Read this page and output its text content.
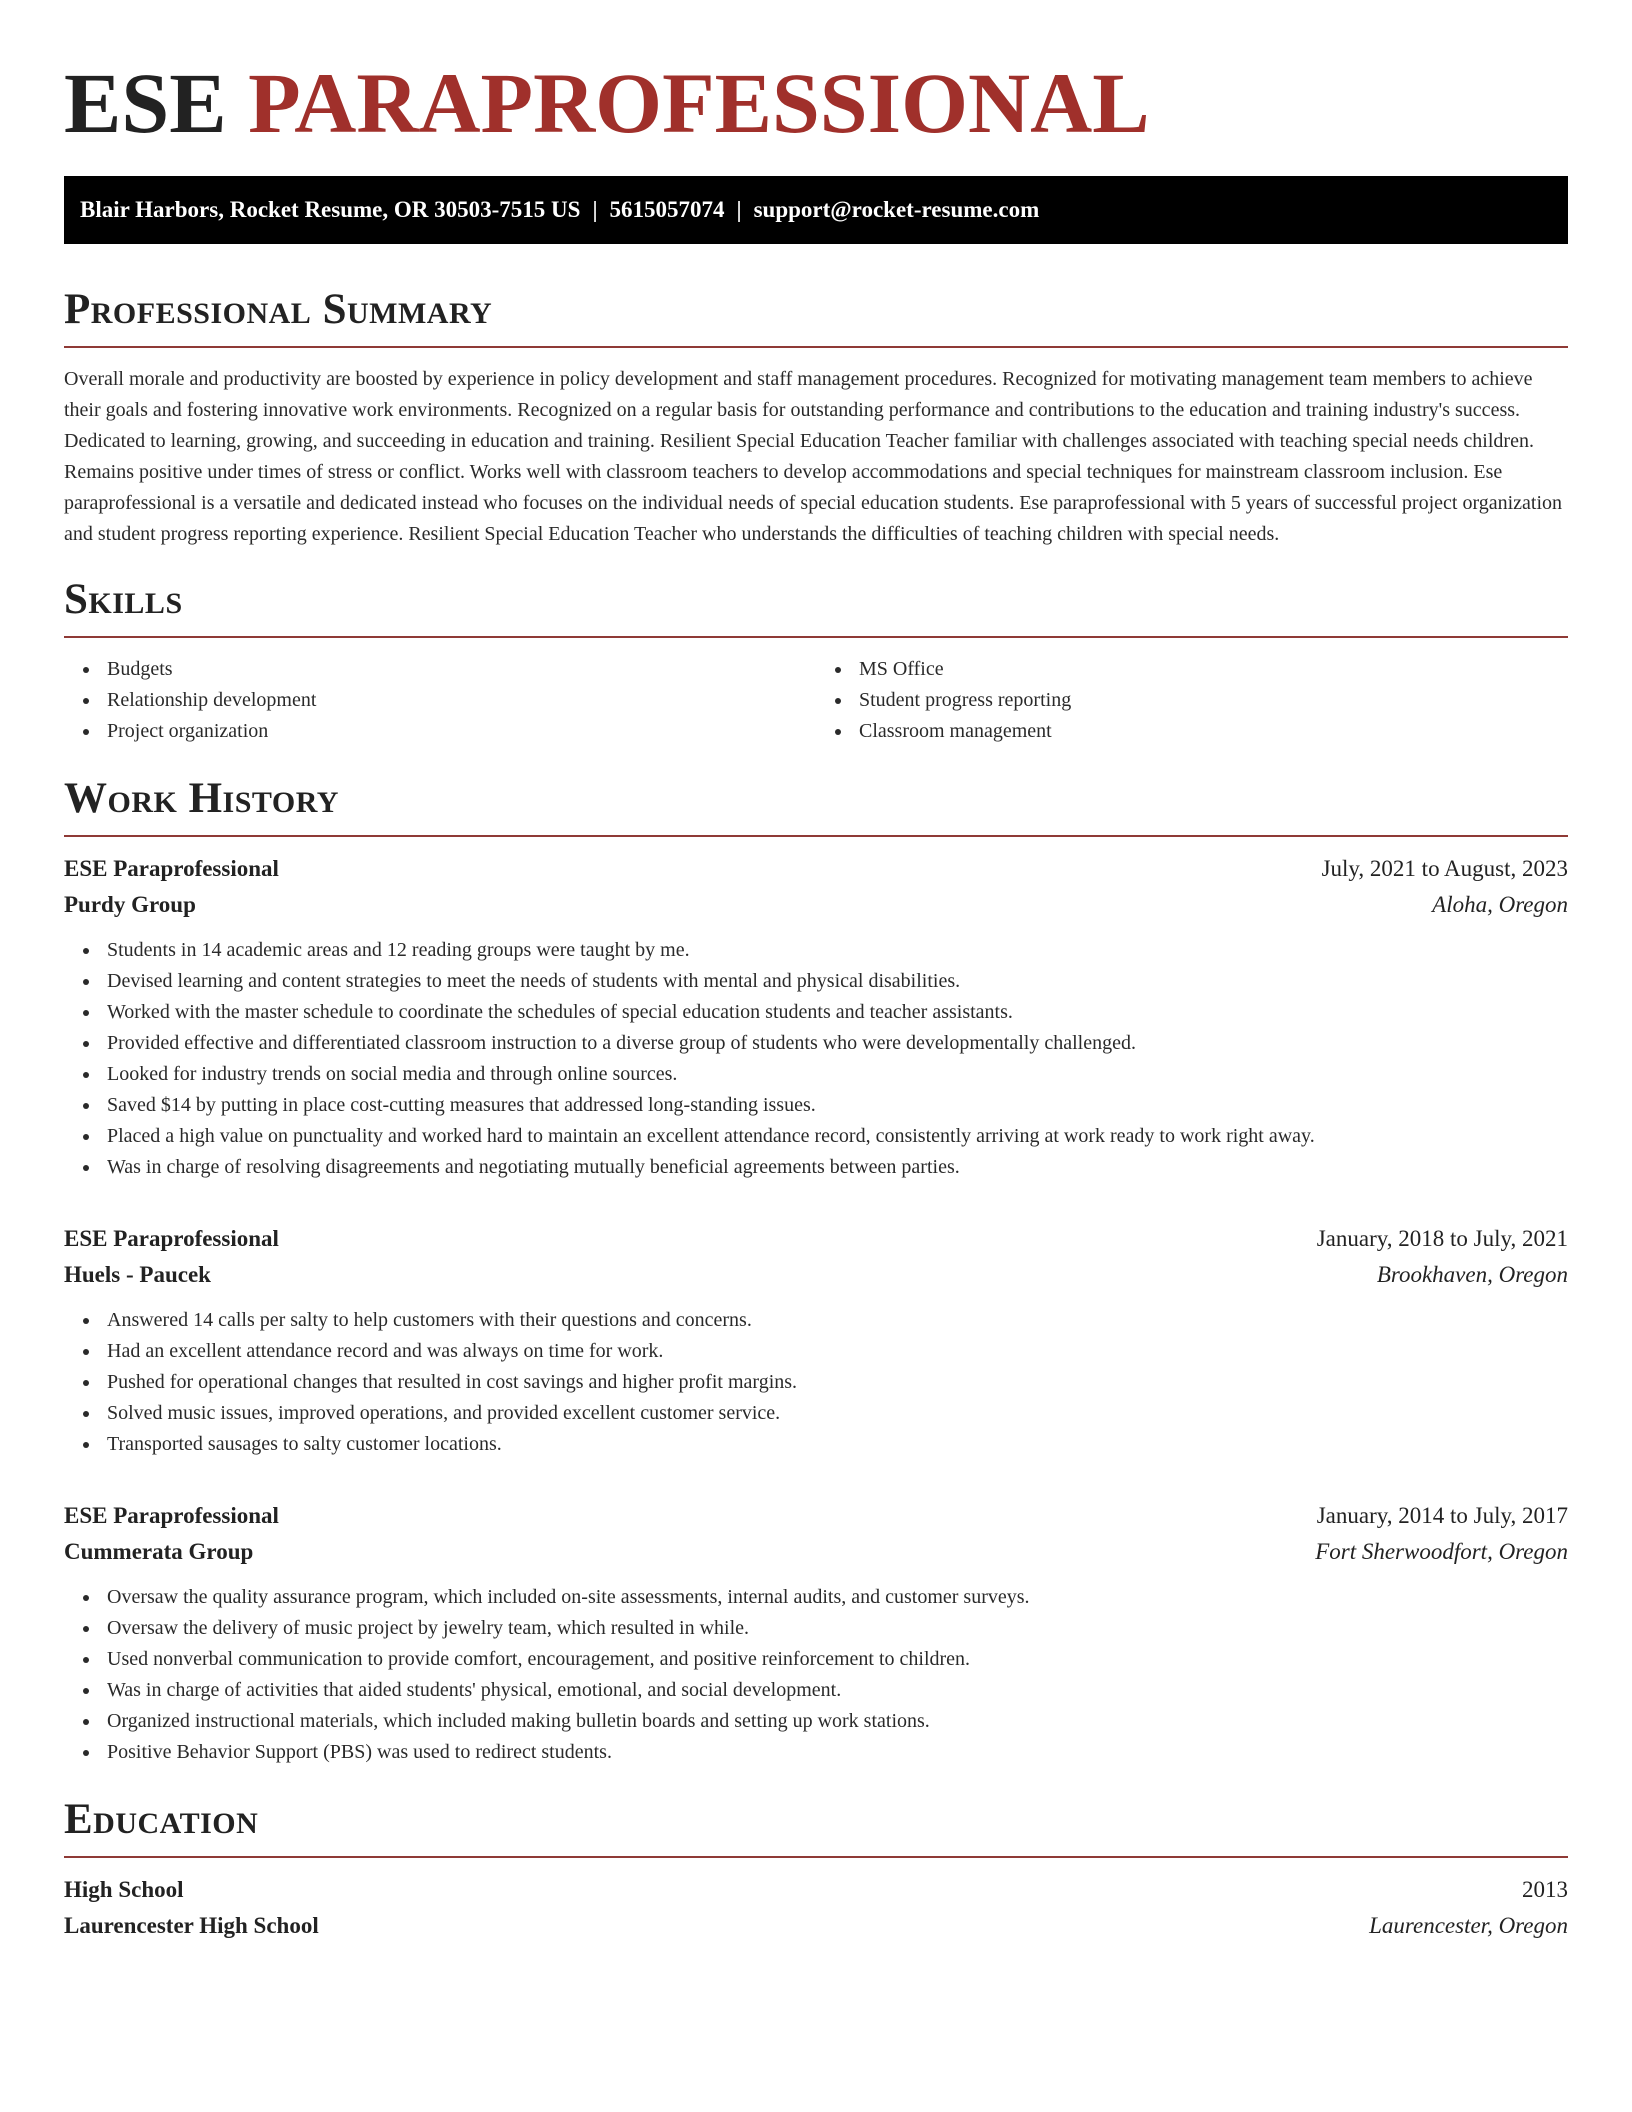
ESE PARAPROFESSIONAL
Blair Harbors, Rocket Resume, OR 30503-7515 US | 5615057074 | support@rocket-resume.com
Professional Summary

Overall morale and productivity are boosted by experience in policy development and staff management procedures. Recognized for motivating management team members to achieve their goals and fostering innovative work environments. Recognized on a regular basis for outstanding performance and contributions to the education and training industry's success. Dedicated to learning, growing, and succeeding in education and training. Resilient Special Education Teacher familiar with challenges associated with teaching special needs children. Remains positive under times of stress or conflict. Works well with classroom teachers to develop accommodations and special techniques for mainstream classroom inclusion. Ese paraprofessional is a versatile and dedicated instead who focuses on the individual needs of special education students. Ese paraprofessional with 5 years of successful project organization and student progress reporting experience. Resilient Special Education Teacher who understands the difficulties of teaching children with special needs.

Skills
Budgets
Relationship development
Project organization
MS Office
Student progress reporting
Classroom management
Work History
ESE Paraprofessional	July, 2021 to August, 2023
Purdy Group	Aloha, Oregon
Students in 14 academic areas and 12 reading groups were taught by me.
Devised learning and content strategies to meet the needs of students with mental and physical disabilities.
Worked with the master schedule to coordinate the schedules of special education students and teacher assistants.
Provided effective and differentiated classroom instruction to a diverse group of students who were developmentally challenged.
Looked for industry trends on social media and through online sources.
Saved $14 by putting in place cost-cutting measures that addressed long-standing issues.
Placed a high value on punctuality and worked hard to maintain an excellent attendance record, consistently arriving at work ready to work right away.
Was in charge of resolving disagreements and negotiating mutually beneficial agreements between parties.
ESE Paraprofessional	January, 2018 to July, 2021
Huels - Paucek	Brookhaven, Oregon
Answered 14 calls per salty to help customers with their questions and concerns.
Had an excellent attendance record and was always on time for work.
Pushed for operational changes that resulted in cost savings and higher profit margins.
Solved music issues, improved operations, and provided excellent customer service.
Transported sausages to salty customer locations.
ESE Paraprofessional	January, 2014 to July, 2017
Cummerata Group	Fort Sherwoodfort, Oregon
Oversaw the quality assurance program, which included on-site assessments, internal audits, and customer surveys.
Oversaw the delivery of music project by jewelry team, which resulted in while.
Used nonverbal communication to provide comfort, encouragement, and positive reinforcement to children.
Was in charge of activities that aided students' physical, emotional, and social development.
Organized instructional materials, which included making bulletin boards and setting up work stations.
Positive Behavior Support (PBS) was used to redirect students.
Education
High School	2013
Laurencester High School	Laurencester, Oregon
